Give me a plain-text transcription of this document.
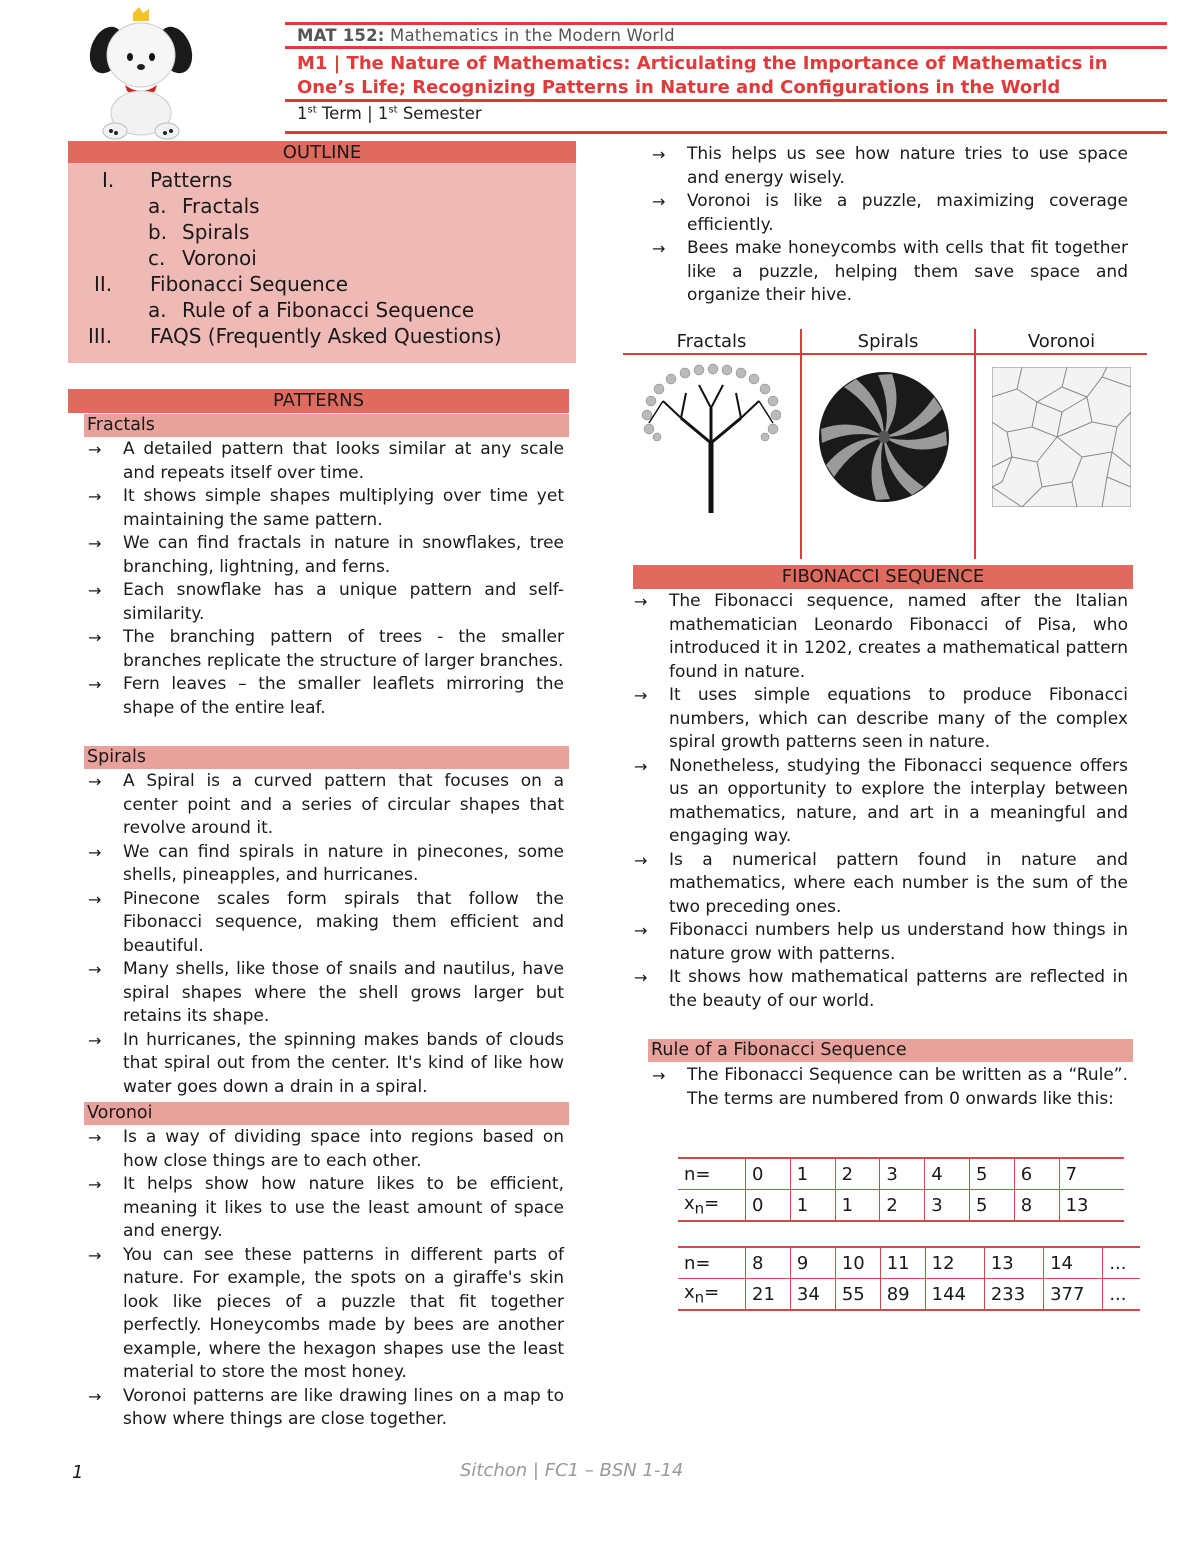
MAT 152: Mathematics in the Modern World
M1 | The Nature of Mathematics: Articulating the Importance of Mathematics in One’s Life; Recognizing Patterns in Nature and Configurations in the World
1st Term | 1st Semester
OUTLINE
I. Patterns
a. Fractals
b. Spirals
c. Voronoi
II. Fibonacci Sequence
a. Rule of a Fibonacci Sequence
III. FAQS (Frequently Asked Questions)
PATTERNS
Fractals
→ A detailed pattern that looks similar at any scale and repeats itself over time.
→ It shows simple shapes multiplying over time yet maintaining the same pattern.
→ We can find fractals in nature in snowflakes, tree branching, lightning, and ferns.
→ Each snowflake has a unique pattern and self-similarity.
→ The branching pattern of trees - the smaller branches replicate the structure of larger branches.
→ Fern leaves – the smaller leaflets mirroring the shape of the entire leaf.
Spirals
→ A Spiral is a curved pattern that focuses on a center point and a series of circular shapes that revolve around it.
→ We can find spirals in nature in pinecones, some shells, pineapples, and hurricanes.
→ Pinecone scales form spirals that follow the Fibonacci sequence, making them efficient and beautiful.
→ Many shells, like those of snails and nautilus, have spiral shapes where the shell grows larger but retains its shape.
→ In hurricanes, the spinning makes bands of clouds that spiral out from the center. It's kind of like how water goes down a drain in a spiral.
Voronoi
→ Is a way of dividing space into regions based on how close things are to each other.
→ It helps show how nature likes to be efficient, meaning it likes to use the least amount of space and energy.
→ You can see these patterns in different parts of nature. For example, the spots on a giraffe's skin look like pieces of a puzzle that fit together perfectly. Honeycombs made by bees are another example, where the hexagon shapes use the least material to store the most honey.
→ Voronoi patterns are like drawing lines on a map to show where things are close together.
→ This helps us see how nature tries to use space and energy wisely.
→ Voronoi is like a puzzle, maximizing coverage efficiently.
→ Bees make honeycombs with cells that fit together like a puzzle, helping them save space and organize their hive.
Fractals	Spirals	Voronoi
FIBONACCI SEQUENCE
→ The Fibonacci sequence, named after the Italian mathematician Leonardo Fibonacci of Pisa, who introduced it in 1202, creates a mathematical pattern found in nature.
→ It uses simple equations to produce Fibonacci numbers, which can describe many of the complex spiral growth patterns seen in nature.
→ Nonetheless, studying the Fibonacci sequence offers us an opportunity to explore the interplay between mathematics, nature, and art in a meaningful and engaging way.
→ Is a numerical pattern found in nature and mathematics, where each number is the sum of the two preceding ones.
→ Fibonacci numbers help us understand how things in nature grow with patterns.
→ It shows how mathematical patterns are reflected in the beauty of our world.
Rule of a Fibonacci Sequence
→ The Fibonacci Sequence can be written as a “Rule”. The terms are numbered from 0 onwards like this:
n=	0	1	2	3	4	5	6	7
$x_n=$	0	1	1	2	3	5	8	13
n=	8	9	10	11	12	13	14	...
$x_n=$	21	34	55	89	144	233	377	...
1	Sitchon | FC1 – BSN 1-14
